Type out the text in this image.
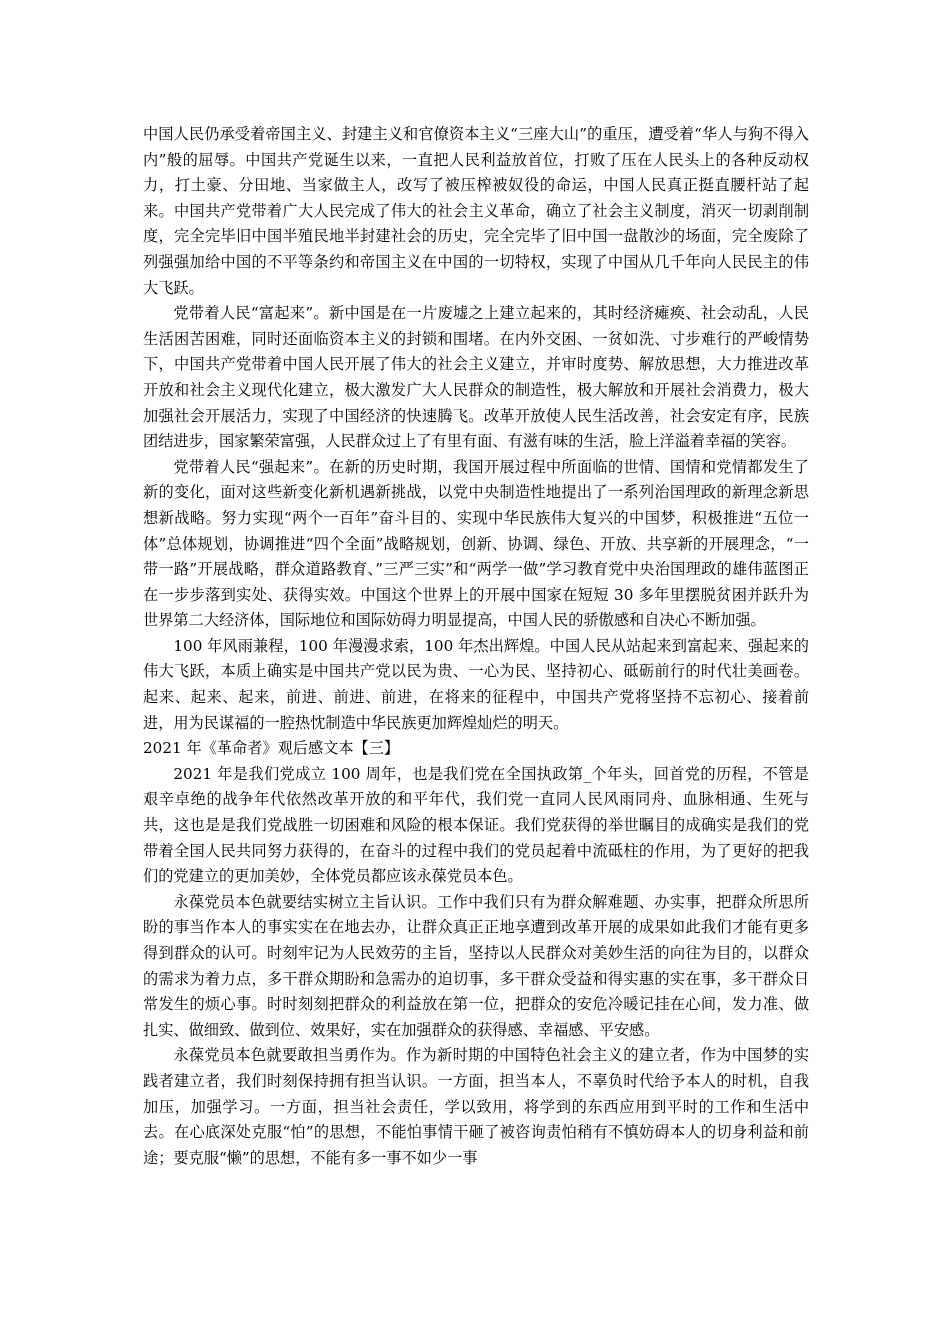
中国人民仍承受着帝国主义、封建主义和官僚资本主义“三座大山”的重压，遭受着“华人与狗不得入内”般的屈辱。中国共产党诞生以来，一直把人民利益放首位，打败了压在人民头上的各种反动权力，打土豪、分田地、当家做主人，改写了被压榨被奴役的命运，中国人民真正挺直腰杆站了起来。中国共产党带着广大人民完成了伟大的社会主义革命，确立了社会主义制度，消灭一切剥削制度，完全完毕旧中国半殖民地半封建社会的历史，完全完毕了旧中国一盘散沙的场面，完全废除了列强强加给中国的不平等条约和帝国主义在中国的一切特权，实现了中国从几千年向人民民主的伟大飞跃。

党带着人民“富起来”。新中国是在一片废墟之上建立起来的，其时经济瘫痪、社会动乱，人民生活困苦困难，同时还面临资本主义的封锁和围堵。在内外交困、一贫如洗、寸步难行的严峻情势下，中国共产党带着中国人民开展了伟大的社会主义建立，并审时度势、解放思想，大力推进改革开放和社会主义现代化建立，极大激发广大人民群众的制造性，极大解放和开展社会消费力，极大加强社会开展活力，实现了中国经济的快速腾飞。改革开放使人民生活改善，社会安定有序，民族团结进步，国家繁荣富强，人民群众过上了有里有面、有滋有味的生活，脸上洋溢着幸福的笑容。

党带着人民“强起来”。在新的历史时期，我国开展过程中所面临的世情、国情和党情都发生了新的变化，面对这些新变化新机遇新挑战，以党中央制造性地提出了一系列治国理政的新理念新思想新战略。努力实现“两个一百年”奋斗目的、实现中华民族伟大复兴的中国梦，积极推进“五位一体”总体规划，协调推进“四个全面”战略规划，创新、协调、绿色、开放、共享新的开展理念，“一带一路”开展战略，群众道路教育、”三严三实”和“两学一做”学习教育党中央治国理政的雄伟蓝图正在一步步落到实处、获得实效。中国这个世界上的开展中国家在短短 30 多年里摆脱贫困并跃升为世界第二大经济体，国际地位和国际妨碍力明显提高，中国人民的骄傲感和自决心不断加强。

100 年风雨兼程，100 年漫漫求索，100 年杰出辉煌。中国人民从站起来到富起来、强起来的伟大飞跃，本质上确实是中国共产党以民为贵、一心为民、坚持初心、砥砺前行的时代壮美画卷。起来、起来、起来，前进、前进、前进，在将来的征程中，中国共产党将坚持不忘初心、接着前进，用为民谋福的一腔热忱制造中华民族更加辉煌灿烂的明天。

2021 年《革命者》观后感文本【三】

2021 年是我们党成立 100 周年，也是我们党在全国执政第_个年头，回首党的历程，不管是艰辛卓绝的战争年代依然改革开放的和平年代，我们党一直同人民风雨同舟、血脉相通、生死与共，这也是是我们党战胜一切困难和风险的根本保证。我们党获得的举世瞩目的成确实是我们的党带着全国人民共同努力获得的，在奋斗的过程中我们的党员起着中流砥柱的作用，为了更好的把我们的党建立的更加美妙，全体党员都应该永葆党员本色。

永葆党员本色就要结实树立主旨认识。工作中我们只有为群众解难题、办实事，把群众所思所盼的事当作本人的事实实在在地去办，让群众真正正地享遭到改革开展的成果如此我们才能有更多得到群众的认可。时刻牢记为人民效劳的主旨，坚持以人民群众对美妙生活的向往为目的，以群众的需求为着力点，多干群众期盼和急需办的迫切事，多干群众受益和得实惠的实在事，多干群众日常发生的烦心事。时时刻刻把群众的利益放在第一位，把群众的安危冷暖记挂在心间，发力准、做扎实、做细致、做到位、效果好，实在加强群众的获得感、幸福感、平安感。

永葆党员本色就要敢担当勇作为。作为新时期的中国特色社会主义的建立者，作为中国梦的实践者建立者，我们时刻保持拥有担当认识。一方面，担当本人，不辜负时代给予本人的时机，自我加压，加强学习。一方面，担当社会责任，学以致用，将学到的东西应用到平时的工作和生活中去。在心底深处克服“怕”的思想，不能怕事情干砸了被咨询责怕稍有不慎妨碍本人的切身利益和前途；要克服“懒”的思想，不能有多一事不如少一事
